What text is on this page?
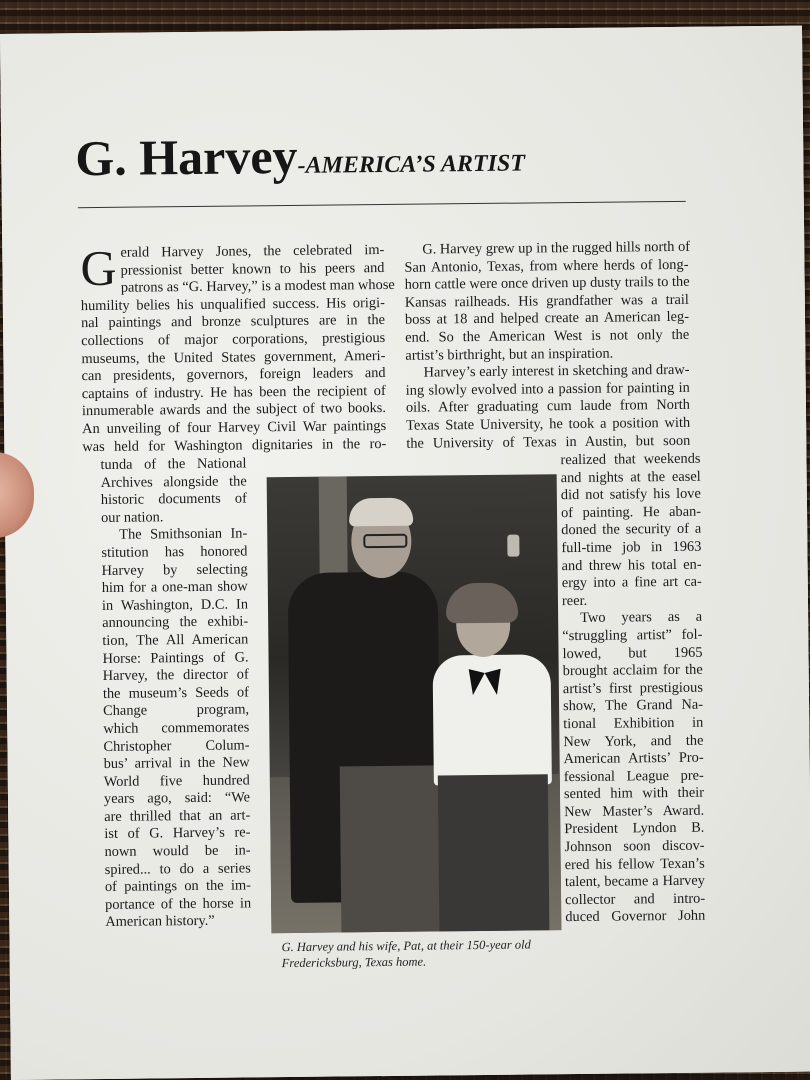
G. Harvey-AMERICA’S ARTIST
G erald Harvey Jones, the celebrated im-
pressionist better known to his peers and
patrons as “G. Harvey,” is a modest man whose
humility belies his unqualified success. His origi-
nal paintings and bronze sculptures are in the
collections of major corporations, prestigious
museums, the United States government, Ameri-
can presidents, governors, foreign leaders and
captains of industry. He has been the recipient of
innumerable awards and the subject of two books.
An unveiling of four Harvey Civil War paintings
was held for Washington dignitaries in the ro-
tunda of the National
Archives alongside the
historic documents of
our nation.
The Smithsonian In-
stitution has honored
Harvey by selecting
him for a one-man show
in Washington, D.C. In
announcing the exhibi-
tion, The All American
Horse: Paintings of G.
Harvey, the director of
the museum’s Seeds of
Change program,
which commemorates
Christopher Colum-
bus’ arrival in the New
World five hundred
years ago, said: “We
are thrilled that an art-
ist of G. Harvey’s re-
nown would be in-
spired... to do a series
of paintings on the im-
portance of the horse in
American history.”
G. Harvey grew up in the rugged hills north of
San Antonio, Texas, from where herds of long-
horn cattle were once driven up dusty trails to the
Kansas railheads. His grandfather was a trail
boss at 18 and helped create an American leg-
end. So the American West is not only the
artist’s birthright, but an inspiration.
Harvey’s early interest in sketching and draw-
ing slowly evolved into a passion for painting in
oils. After graduating cum laude from North
Texas State University, he took a position with
the University of Texas in Austin, but soon
realized that weekends
and nights at the easel
did not satisfy his love
of painting. He aban-
doned the security of a
full-time job in 1963
and threw his total en-
ergy into a fine art ca-
reer.
Two years as a
“struggling artist” fol-
lowed, but 1965
brought acclaim for the
artist’s first prestigious
show, The Grand Na-
tional Exhibition in
New York, and the
American Artists’ Pro-
fessional League pre-
sented him with their
New Master’s Award.
President Lyndon B.
Johnson soon discov-
ered his fellow Texan’s
talent, became a Harvey
collector and intro-
duced Governor John
G. Harvey and his wife, Pat, at their 150-year old Fredericksburg, Texas home.
